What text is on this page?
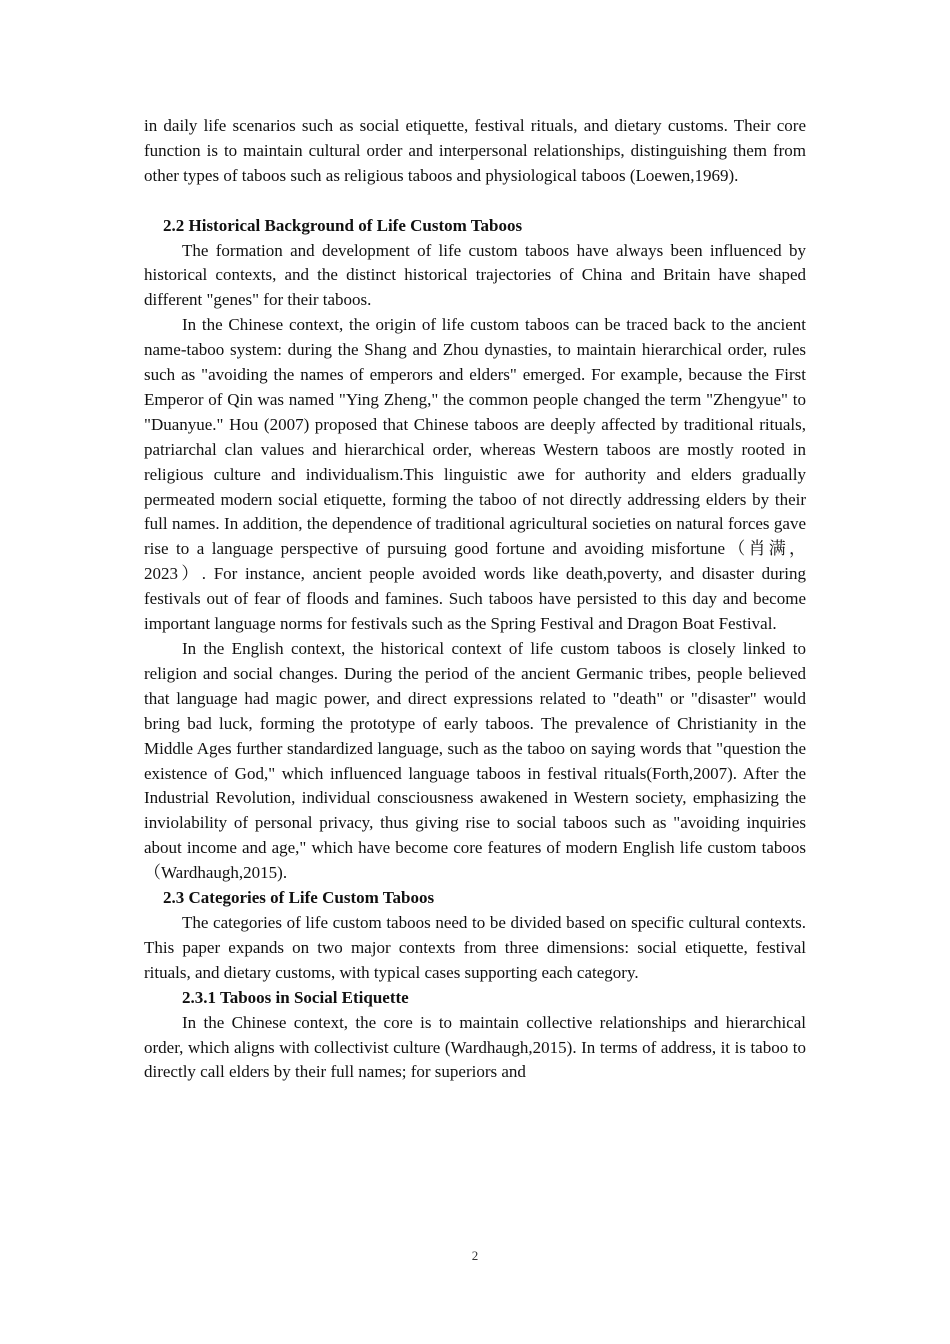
in daily life scenarios such as social etiquette, festival rituals, and dietary customs. Their core function is to maintain cultural order and interpersonal relationships, distinguishing them from other types of taboos such as religious taboos and physiological taboos (Loewen,1969).

2.2 Historical Background of Life Custom Taboos

The formation and development of life custom taboos have always been influenced by historical contexts, and the distinct historical trajectories of China and Britain have shaped different "genes" for their taboos.

In the Chinese context, the origin of life custom taboos can be traced back to the ancient name-taboo system: during the Shang and Zhou dynasties, to maintain hierarchical order, rules such as "avoiding the names of emperors and elders" emerged. For example, because the First Emperor of Qin was named "Ying Zheng," the common people changed the term "Zhengyue" to "Duanyue." Hou (2007) proposed that Chinese taboos are deeply affected by traditional rituals, patriarchal clan values and hierarchical order, whereas Western taboos are mostly rooted in religious culture and individualism.This linguistic awe for authority and elders gradually permeated modern social etiquette, forming the taboo of not directly addressing elders by their full names. In addition, the dependence of traditional agricultural societies on natural forces gave rise to a language perspective of pursuing good fortune and avoiding misfortune（肖满， 2023）. For instance, ancient people avoided words like death,poverty, and disaster during festivals out of fear of floods and famines. Such taboos have persisted to this day and become important language norms for festivals such as the Spring Festival and Dragon Boat Festival.

In the English context, the historical context of life custom taboos is closely linked to religion and social changes. During the period of the ancient Germanic tribes, people believed that language had magic power, and direct expressions related to "death" or "disaster" would bring bad luck, forming the prototype of early taboos. The prevalence of Christianity in the Middle Ages further standardized language, such as the taboo on saying words that "question the existence of God," which influenced language taboos in festival rituals(Forth,2007). After the Industrial Revolution, individual consciousness awakened in Western society, emphasizing the inviolability of personal privacy, thus giving rise to social taboos such as "avoiding inquiries about income and age," which have become core features of modern English life custom taboos（Wardhaugh,2015).

2.3 Categories of Life Custom Taboos

The categories of life custom taboos need to be divided based on specific cultural contexts. This paper expands on two major contexts from three dimensions: social etiquette, festival rituals, and dietary customs, with typical cases supporting each category.

2.3.1 Taboos in Social Etiquette

In the Chinese context, the core is to maintain collective relationships and hierarchical order, which aligns with collectivist culture (Wardhaugh,2015). In terms of address, it is taboo to directly call elders by their full names; for superiors and

2
